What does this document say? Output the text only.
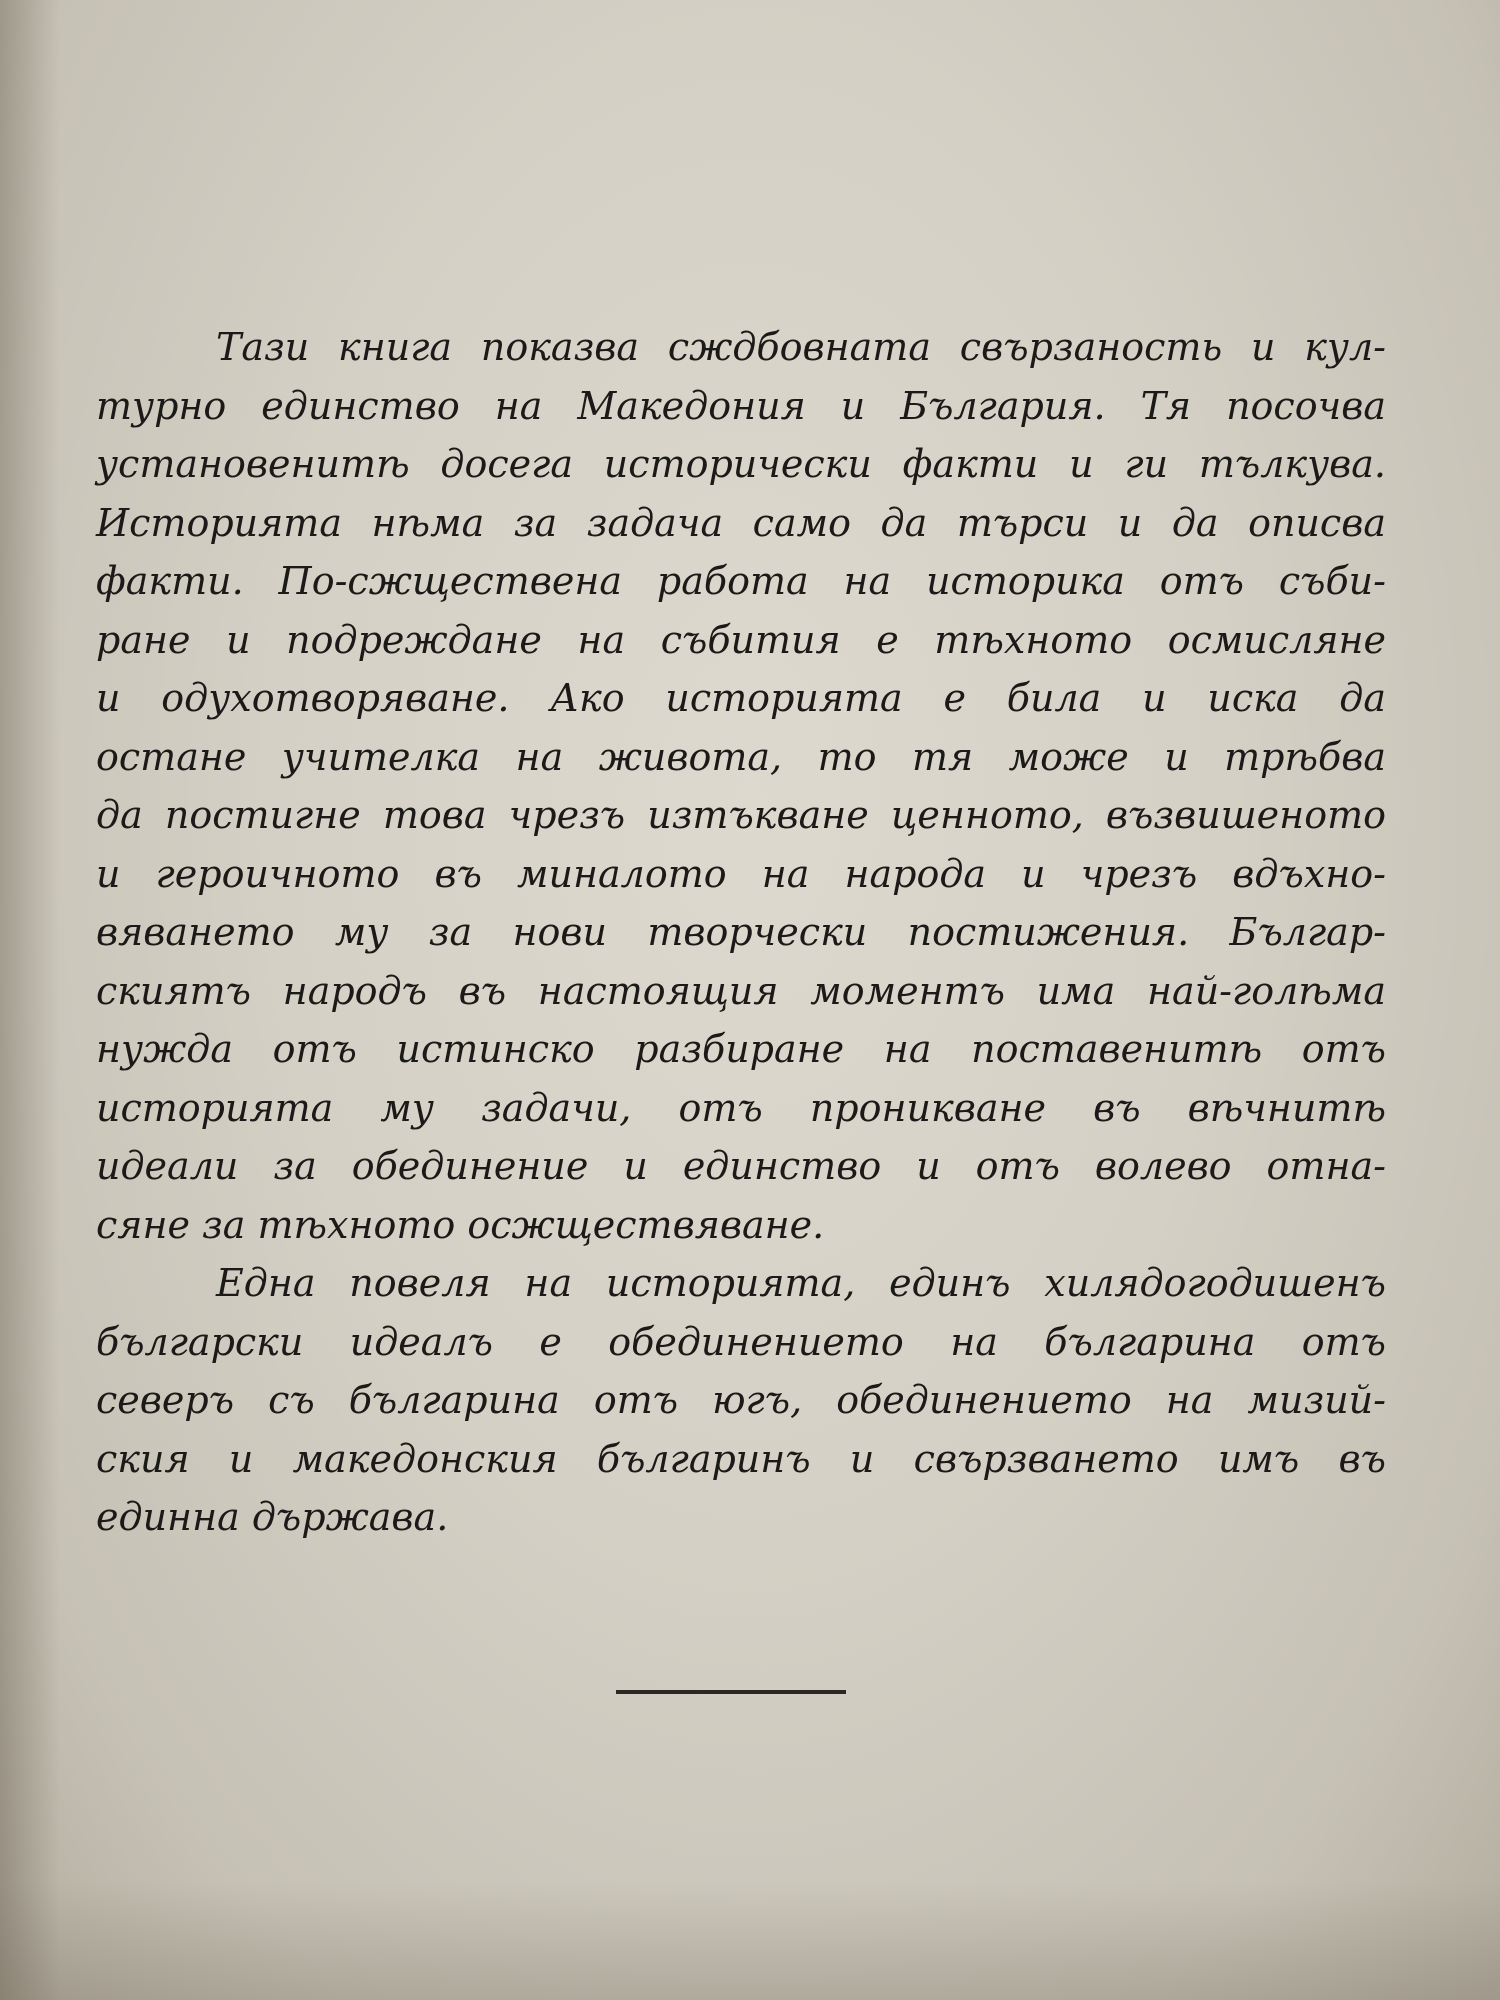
Тази книга показва сждбовната свързаность и кул-
турно единство на Македония и България. Тя посочва
установенитѣ досега исторически факти и ги тълкува.
Историята нѣма за задача само да търси и да описва
факти. По-сжществена работа на историка отъ съби-
ране и подреждане на събития е тѣхното осмисляне
и одухотворяване. Ако историята е била и иска да
остане учителка на живота, то тя може и трѣбва
да постигне това чрезъ изтъкване ценното, възвишеното
и героичното въ миналото на народа и чрезъ вдъхно-
вяването му за нови творчески постижения. Българ-
скиятъ народъ въ настоящия моментъ има най-голѣма
нужда отъ истинско разбиране на поставенитѣ отъ
историята му задачи, отъ проникване въ вѣчнитѣ
идеали за обединение и единство и отъ волево отна-
сяне за тѣхното осжществяване.
Една повеля на историята, единъ хилядогодишенъ
български идеалъ е обединението на българина отъ
северъ съ българина отъ югъ, обединението на мизий-
ския и македонския българинъ и свързването имъ въ
единна държава.
